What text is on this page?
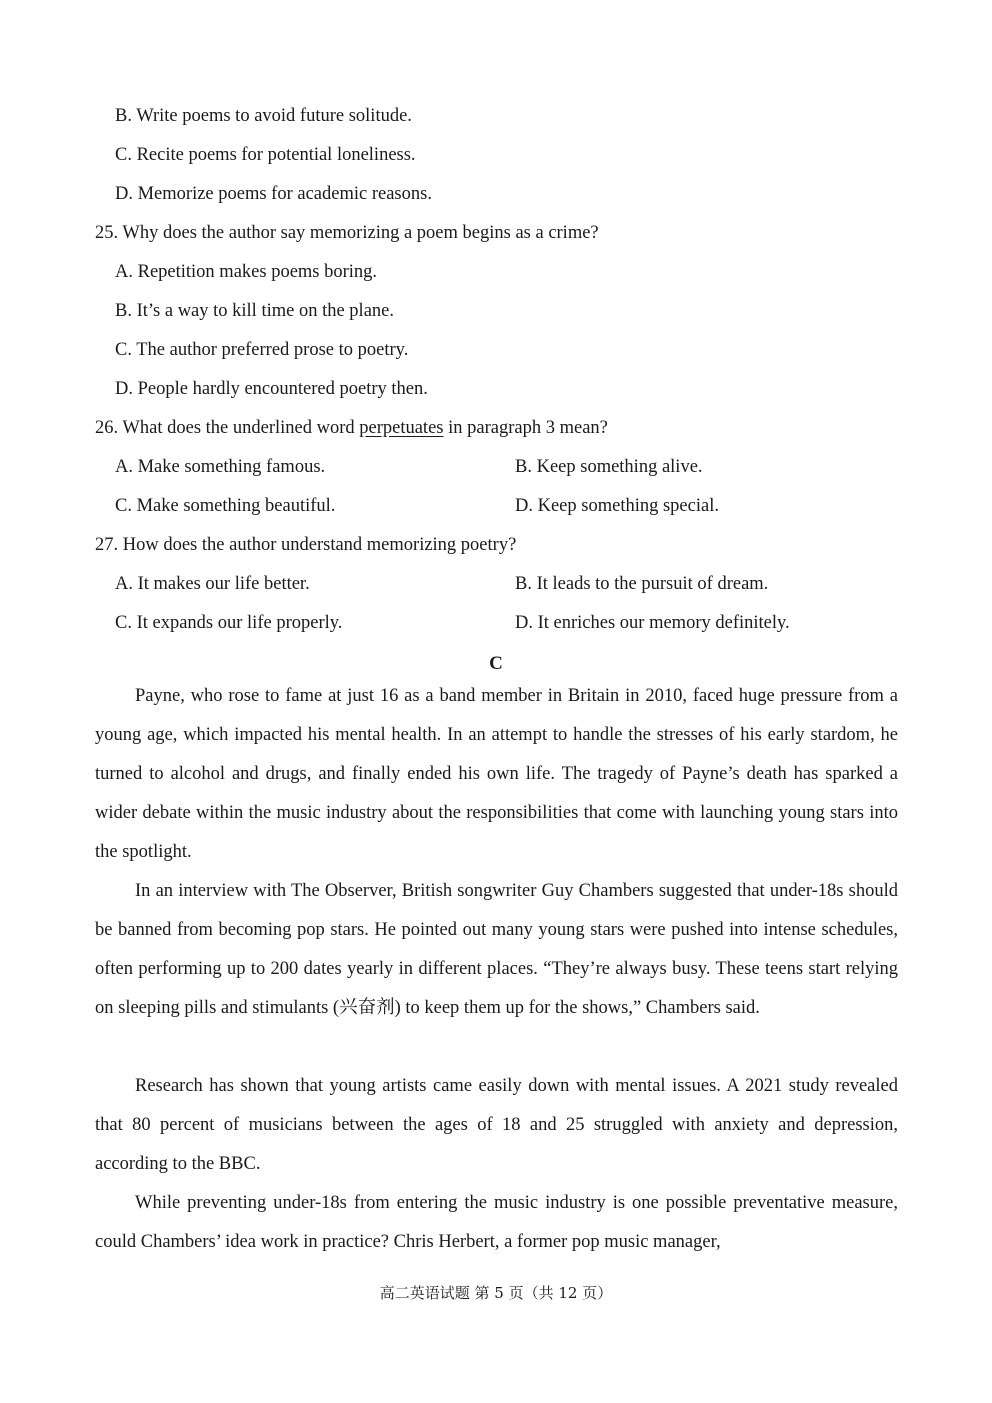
B. Write poems to avoid future solitude.
C. Recite poems for potential loneliness.
D. Memorize poems for academic reasons.
25. Why does the author say memorizing a poem begins as a crime?
A. Repetition makes poems boring.
B. It’s a way to kill time on the plane.
C. The author preferred prose to poetry.
D. People hardly encountered poetry then.
26. What does the underlined word perpetuates in paragraph 3 mean?
A. Make something famous.	B. Keep something alive.
C. Make something beautiful.	D. Keep something special.
27. How does the author understand memorizing poetry?
A. It makes our life better.	B. It leads to the pursuit of dream.
C. It expands our life properly.	D. It enriches our memory definitely.
C

Payne, who rose to fame at just 16 as a band member in Britain in 2010, faced huge pressure from a young age, which impacted his mental health. In an attempt to handle the stresses of his early stardom, he turned to alcohol and drugs, and finally ended his own life. The tragedy of Payne’s death has sparked a wider debate within the music industry about the responsibilities that come with launching young stars into the spotlight.

In an interview with The Observer, British songwriter Guy Chambers suggested that under-18s should be banned from becoming pop stars. He pointed out many young stars were pushed into intense schedules, often performing up to 200 dates yearly in different places. “They’re always busy. These teens start relying on sleeping pills and stimulants (兴奋剂) to keep them up for the shows,” Chambers said.

Research has shown that young artists came easily down with mental issues. A 2021 study revealed that 80 percent of musicians between the ages of 18 and 25 struggled with anxiety and depression, according to the BBC.

While preventing under-18s from entering the music industry is one possible preventative measure, could Chambers’ idea work in practice? Chris Herbert, a former pop music manager,

高二英语试题 第 5 页（共 12 页）
